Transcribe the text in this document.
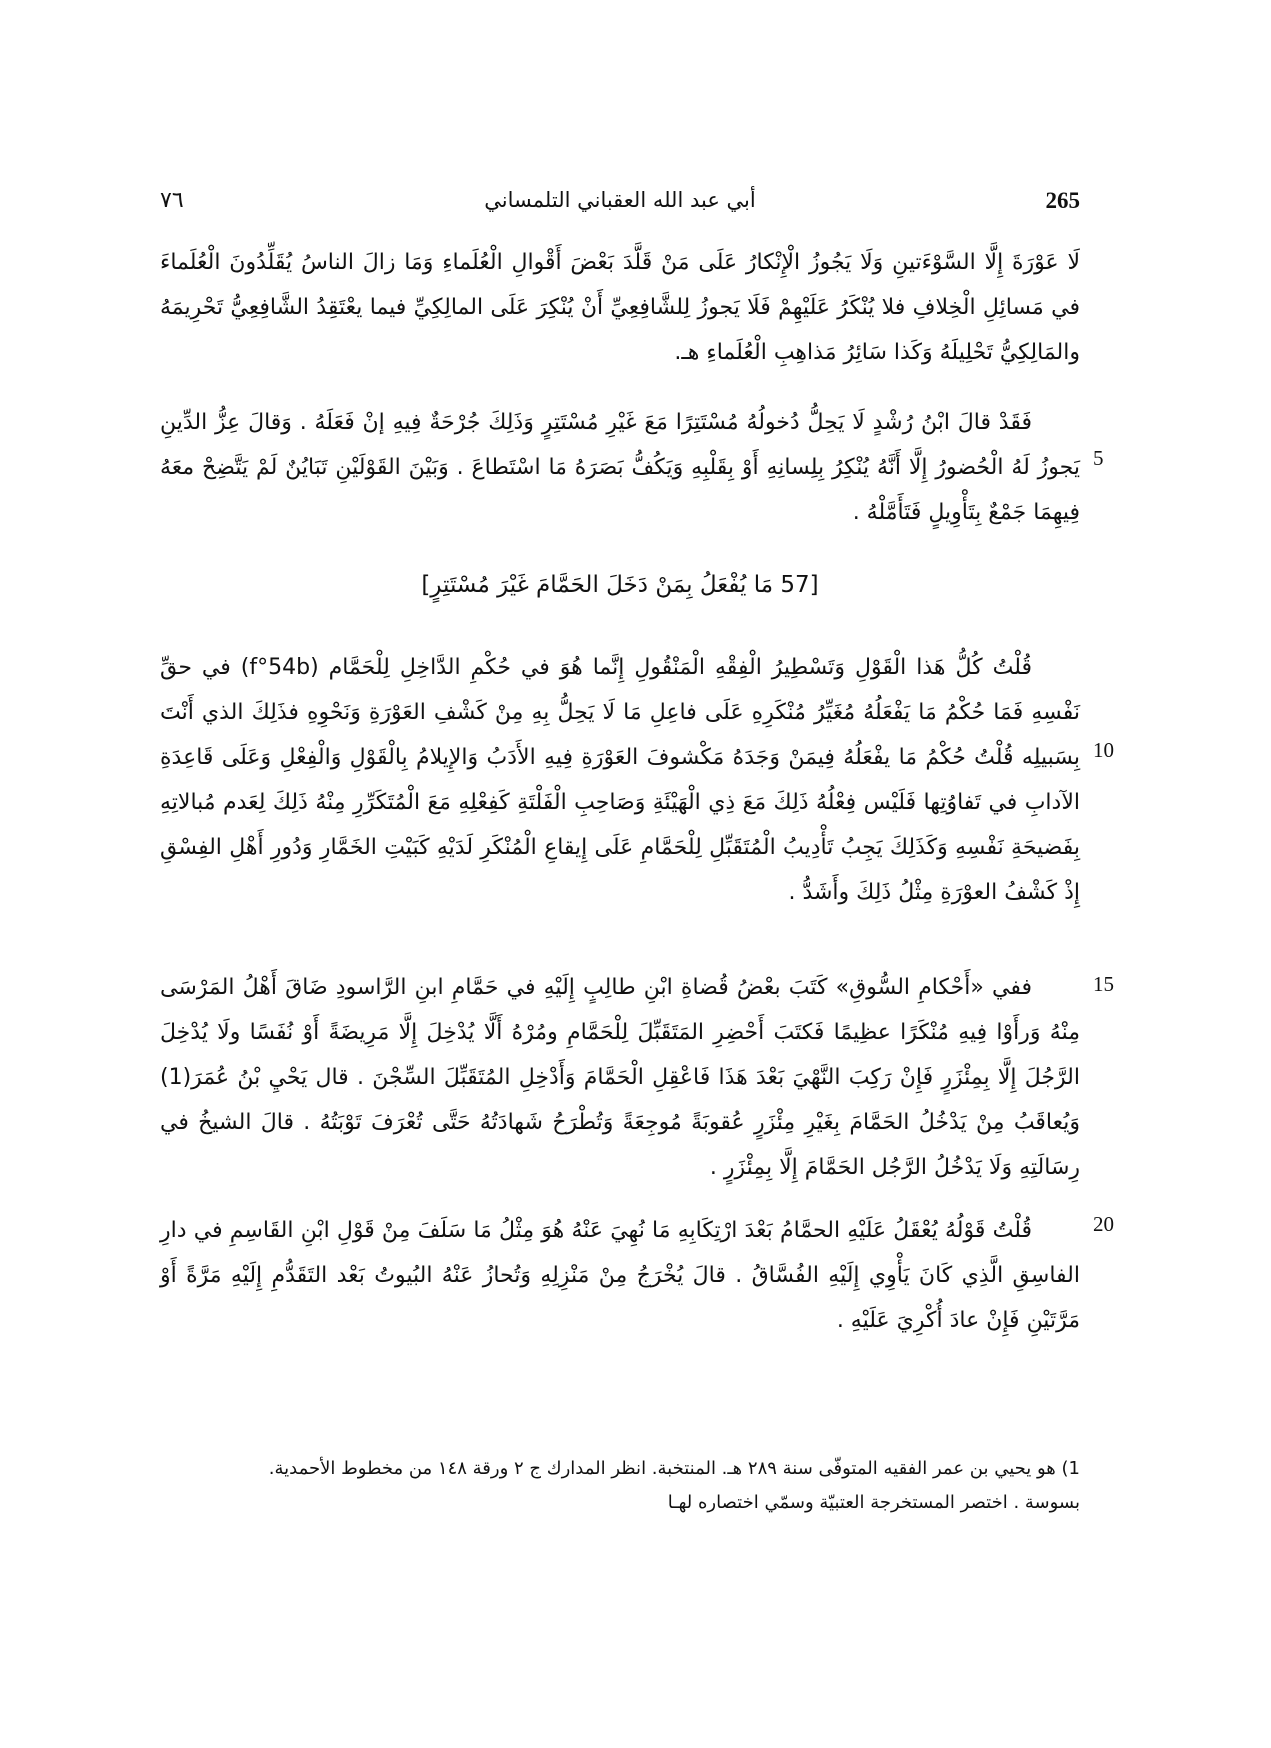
٧٦	أبي عبد الله العقباني التلمساني	265

لَا عَوْرَةَ إِلَّا السَّوْءَتينِ وَلَا يَجُوزُ الْإِنْكارُ عَلَى مَنْ قَلَّدَ بَعْضَ أَقْوالِ الْعُلَماءِ وَمَا زالَ الناسُ يُقَلِّدُونَ الْعُلَماءَ في مَسائِلِ الْخِلافِ فلا يُنْكَرُ عَلَيْهِمْ فَلَا يَجوزُ لِلشَّافِعِيِّ أَنْ يُنْكِرَ عَلَى المالِكِيِّ فيما يعْتَقِدُ الشَّافِعِيُّ تَحْرِيمَهُ والمَالِكِيُّ تَحْلِيلَهُ وَكَذا سَائِرُ مَذاهِبِ الْعُلَماءِ هـ.

فَقَدْ قالَ ابْنُ رُشْدٍ لَا يَحِلُّ دُخولُهُ مُسْتَتِرًا مَعَ غَيْرِ مُسْتَتِرٍ وَذَلِكَ جُرْحَةٌ فِيهِ إنْ فَعَلَهُ . وَقالَ عِزُّ الدِّينِ يَجوزُ لَهُ الْحُضورُ إِلَّا أَنَّهُ يُنْكِرُ بِلِسانِهِ أَوْ بِقَلْبِهِ وَيَكُفُّ بَصَرَهُ مَا اسْتَطاعَ . وَبَيْنَ القَوْلَيْنِ تَبَايُنٌ لَمْ يَتَّضِحْ معَهُ فِيهِمَا جَمْعٌ بِتَأْوِيلٍ فَتَأَمَّلْهُ .

[57 مَا يُفْعَلُ بِمَنْ دَخَلَ الحَمَّامَ غَيْرَ مُسْتَتِرٍ]

قُلْتُ كُلُّ هَذا الْقَوْلِ وَتَسْطِيرُ الْفِقْهِ الْمَنْقُولِ إِنَّما هُوَ في حُكْمِ الدَّاخِلِ لِلْحَمَّام (f°54b) في حقِّ نَفْسِهِ فَمَا حُكْمُ مَا يَفْعَلُهُ مُغَيِّرُ مُنْكَرِهِ عَلَى فاعِلِ مَا لَا يَحِلُّ بِهِ مِنْ كَشْفِ العَوْرَةِ وَنَحْوِهِ فذَلِكَ الذي أَنْتَ بِسَبيلِه قُلْتُ حُكْمُ مَا يفْعَلُهُ فِيمَنْ وَجَدَهُ مَكْشوفَ العَوْرَةِ فِيهِ الأَدَبُ وَالإِيلامُ بِالْقَوْلِ وَالْفِعْلِ وَعَلَى قَاعِدَةِ الآدابِ في تَفاوُتِها فَلَيْس فِعْلُهُ ذَلِكَ مَعَ ذِي الْهَيْئَةِ وَصَاحِبِ الْفَلْتَةِ كَفِعْلِهِ مَعَ الْمُتَكَرِّرِ مِنْهُ ذَلِكَ لِعَدم مُبالاتِهِ بِفَضيحَةِ نَفْسِهِ وَكَذَلِكَ يَجِبُ تَأْدِيبُ الْمُتَقَبِّلِ لِلْحَمَّامِ عَلَى إِيقاعِ الْمُنْكَرِ لَدَيْهِ كَبَيْتِ الخَمَّارِ وَدُورِ أَهْلِ الفِسْقِ إِذْ كَشْفُ العوْرَةِ مِثْلُ ذَلِكَ وأَشَدُّ .

ففي «أَحْكامِ السُّوقِ» كَتَبَ بعْضُ قُضاةِ ابْنِ طالِبٍ إِلَيْهِ في حَمَّامِ ابنِ الرَّاسودِ ضَاقَ أَهْلُ المَرْسَى مِنْهُ وَرأَوْا فِيهِ مُنْكَرًا عظِيمًا فَكتَبَ أَحْضِرِ المَتَقَبِّلَ لِلْحَمَّامِ ومُرْهُ أَلَّا يُدْخِلَ إِلَّا مَرِيضَةً أَوْ نُفَسًا ولَا يُدْخِلَ الرَّجُلَ إِلَّا بِمِئْزَرٍ فَإِنْ رَكِبَ النَّهْيَ بَعْدَ هَذَا فَاعْقِلِ الْحَمَّامَ وَأَدْخِلِ المُتَقَبِّلَ السِّجْنَ . قال يَحْيِ بْنُ عُمَرَ(1) وَيُعاقَبُ مِنْ يَدْخُلُ الحَمَّامَ بِغَيْرِ مِئْزَرٍ عُقوبَةً مُوجِعَةً وَتُطْرَحُ شَهادَتُهُ حَتَّى تُعْرَفَ تَوْبَتُهُ . قالَ الشيخُ في رِسَالَتِهِ وَلَا يَدْخُلُ الرَّجُل الحَمَّامَ إِلَّا بِمِئْزَرٍ .

قُلْتُ قَوْلُهُ يُعْقَلُ عَلَيْهِ الحمَّامُ بَعْدَ ارْتِكَابِهِ مَا نُهِيَ عَنْهُ هُوَ مِثْلُ مَا سَلَفَ مِنْ قَوْلِ ابْنِ القَاسِمِ في دارِ الفاسِقِ الَّذِي كَانَ يَأْوِي إِلَيْهِ الفُسَّاقُ . قالَ يُخْرَجُ مِنْ مَنْزِلِهِ وَتُحازُ عَنْهُ البُيوتُ بَعْد التَقَدُّمِ إِلَيْهِ مَرَّةً أَوْ مَرَّتَيْنِ فَإِنْ عادَ أُكْرِيَ عَلَيْهِ .

5
10
15
20

1) هو يحيي بن عمر الفقيه المتوفّى سنة ٢٨٩ هـ. المنتخبة. انظر المدارك ج ٢ ورقة ١٤٨ من مخطوط الأحمدية.

بسوسة . اختصر المستخرجة العتبيّة وسمّي اختصاره لهـا
